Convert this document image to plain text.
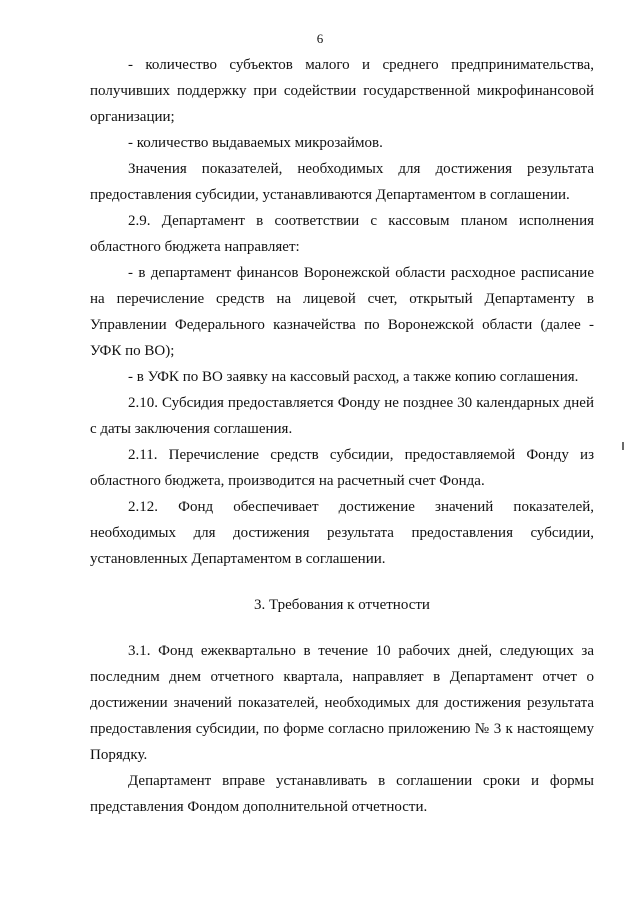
6

- количество субъектов малого и среднего предпринимательства, получивших поддержку при содействии государственной микрофинансовой организации;

- количество выдаваемых микрозаймов.

Значения показателей, необходимых для достижения результата предоставления субсидии, устанавливаются Департаментом в соглашении.

2.9. Департамент в соответствии с кассовым планом исполнения областного бюджета направляет:

- в департамент финансов Воронежской области расходное расписание на перечисление средств на лицевой счет, открытый Департаменту в Управлении Федерального казначейства по Воронежской области (далее - УФК по ВО);

- в УФК по ВО заявку на кассовый расход, а также копию соглашения.

2.10. Субсидия предоставляется Фонду не позднее 30 календарных дней с даты заключения соглашения.

2.11. Перечисление средств субсидии, предоставляемой Фонду из областного бюджета, производится на расчетный счет Фонда.

2.12. Фонд обеспечивает достижение значений показателей, необходимых для достижения результата предоставления субсидии, установленных Департаментом в соглашении.

3. Требования к отчетности

3.1. Фонд ежеквартально в течение 10 рабочих дней, следующих за последним днем отчетного квартала, направляет в Департамент отчет о достижении значений показателей, необходимых для достижения результата предоставления субсидии, по форме согласно приложению № 3 к настоящему Порядку.

Департамент вправе устанавливать в соглашении сроки и формы представления Фондом дополнительной отчетности.
